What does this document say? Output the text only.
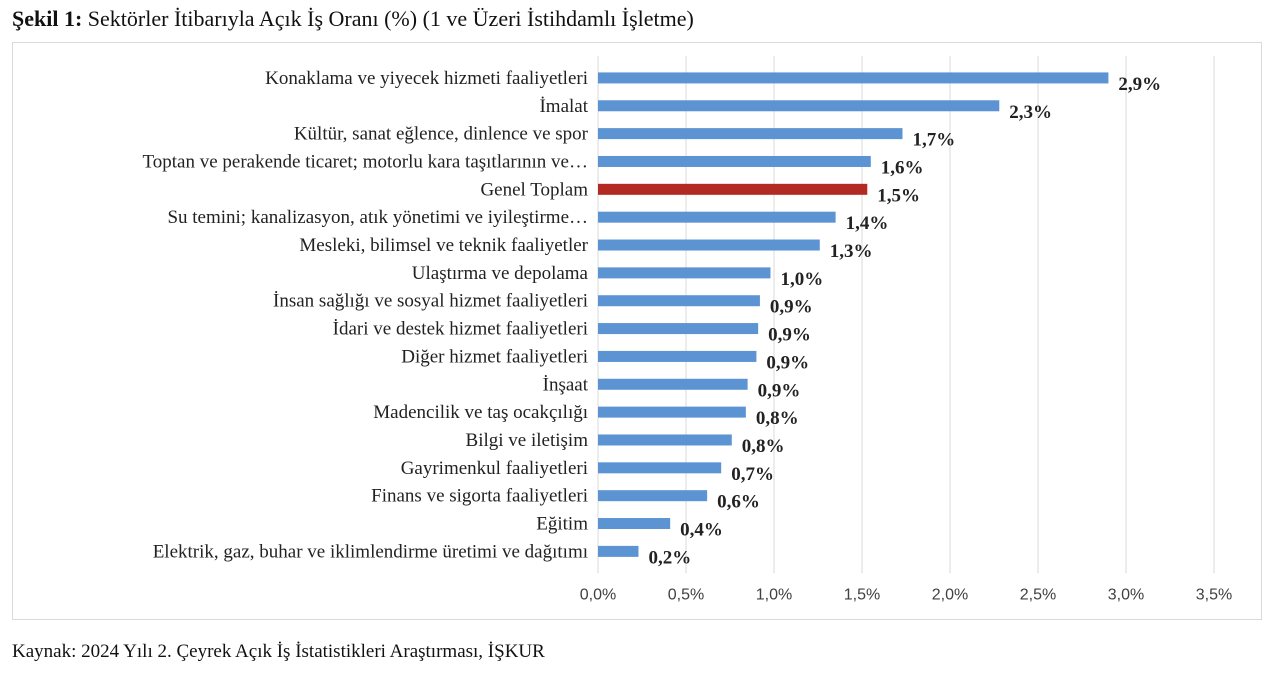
Şekil 1: Sektörler İtibarıyla Açık İş Oranı (%) (1 ve Üzeri İstihdamlı İşletme)
Konaklama ve yiyecek hizmeti faaliyetleri
İmalat
Kültür, sanat eğlence, dinlence ve spor
Toptan ve perakende ticaret; motorlu kara taşıtlarının ve…
Genel Toplam
Su temini; kanalizasyon, atık yönetimi ve iyileştirme…
Mesleki, bilimsel ve teknik faaliyetler
Ulaştırma ve depolama
İnsan sağlığı ve sosyal hizmet faaliyetleri
İdari ve destek hizmet faaliyetleri
Diğer hizmet faaliyetleri
İnşaat
Madencilik ve taş ocakçılığı
Bilgi ve iletişim
Gayrimenkul faaliyetleri
Finans ve sigorta faaliyetleri
Eğitim
Elektrik, gaz, buhar ve iklimlendirme üretimi ve dağıtımı
2,9%
2,3%
1,7%
1,6%
1,5%
1,4%
1,3%
1,0%
0,9%
0,9%
0,9%
0,9%
0,8%
0,8%
0,7%
0,6%
0,4%
0,2%
0,0%	0,5%	1,0%	1,5%	2,0%	2,5%	3,0%	3,5%
Kaynak: 2024 Yılı 2. Çeyrek Açık İş İstatistikleri Araştırması, İŞKUR
